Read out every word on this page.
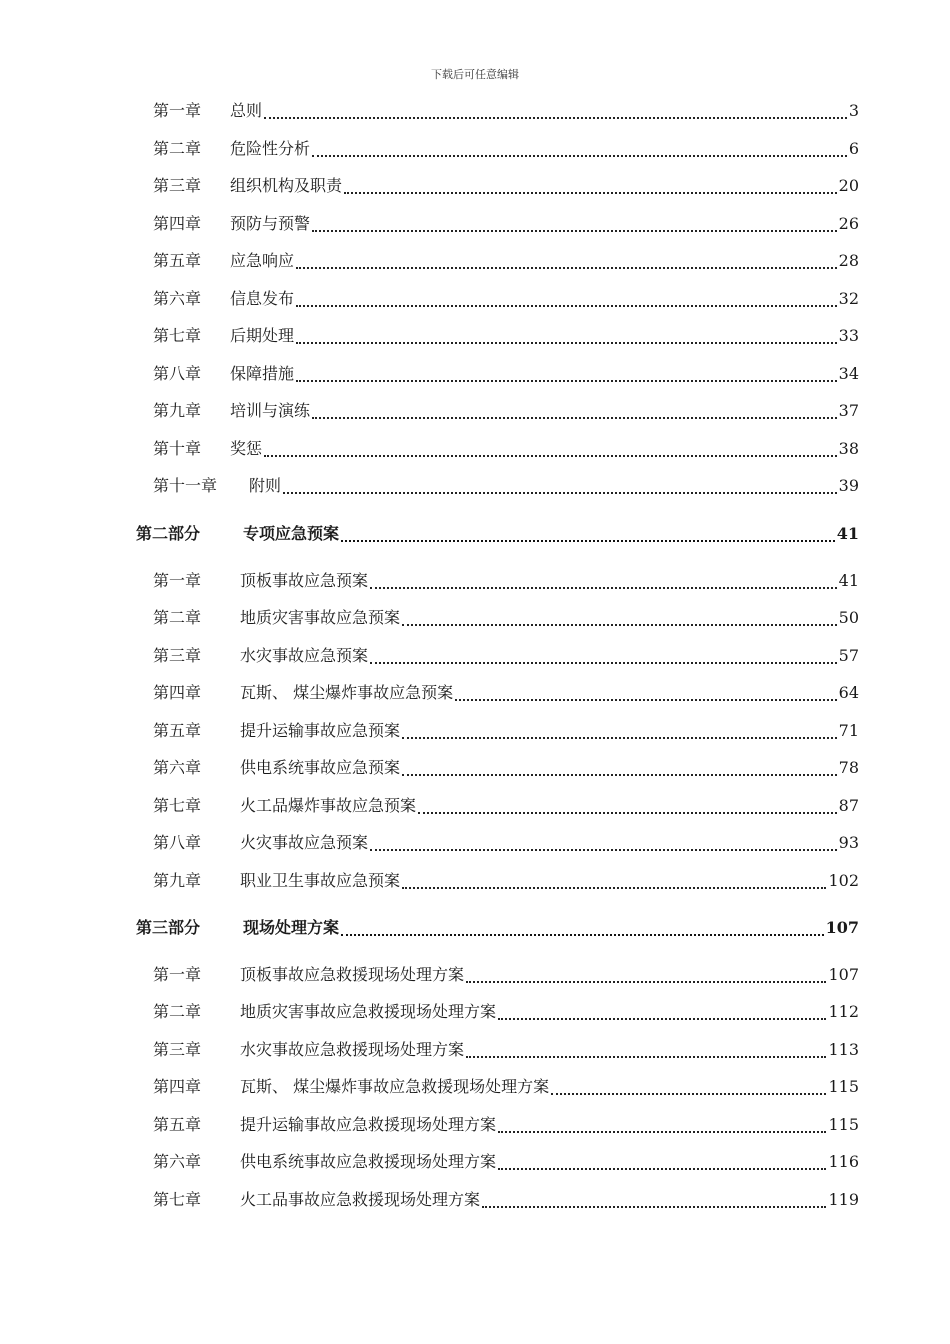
下载后可任意编辑
第一章	总则	3
第二章	危险性分析	6
第三章	组织机构及职责	20
第四章	预防与预警	26
第五章	应急响应	28
第六章	信息发布	32
第七章	后期处理	33
第八章	保障措施	34
第九章	培训与演练	37
第十章	奖惩	38
第十一章	附则	39
第二部分	专项应急预案	41
第一章	顶板事故应急预案	41
第二章	地质灾害事故应急预案	50
第三章	水灾事故应急预案	57
第四章	瓦斯、 煤尘爆炸事故应急预案	64
第五章	提升运输事故应急预案	71
第六章	供电系统事故应急预案	78
第七章	火工品爆炸事故应急预案	87
第八章	火灾事故应急预案	93
第九章	职业卫生事故应急预案	102
第三部分	现场处理方案	107
第一章	顶板事故应急救援现场处理方案	107
第二章	地质灾害事故应急救援现场处理方案	112
第三章	水灾事故应急救援现场处理方案	113
第四章	瓦斯、 煤尘爆炸事故应急救援现场处理方案	115
第五章	提升运输事故应急救援现场处理方案	115
第六章	供电系统事故应急救援现场处理方案	116
第七章	火工品事故应急救援现场处理方案	119
